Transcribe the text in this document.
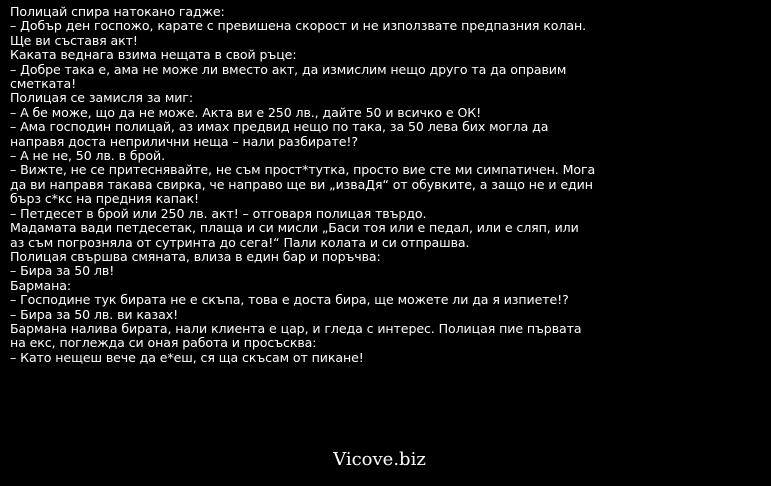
Полицай спира натокано гадже:
– Добър ден госпожо, карате с превишена скорост и не използвате предпазния колан.
Ще ви съставя акт!
Каката веднага взима нещата в свой ръце:
– Добре така е, ама не може ли вместо акт, да измислим нещо друго та да оправим
сметката!
Полицая се замисля за миг:
– А бе може, що да не може. Акта ви е 250 лв., дайте 50 и всичко е ОК!
– Ама господин полицай, аз имах предвид нещо по така, за 50 лева бих могла да
направя доста неприлични неща – нали разбирате!?
– А не не, 50 лв. в брой.
– Вижте, не се притеснявайте, не съм прост*тутка, просто вие сте ми симпатичен. Мога
да ви направя такава свирка, че направо ще ви „изваДя“ от обувките, а защо не и един
бърз с*кс на предния капак!
– Петдесет в брой или 250 лв. акт! – отговаря полицая твърдо.
Мадамата вади петдесетак, плаща и си мисли „Баси тоя или е педал, или е сляп, или
аз съм погрозняла от сутринта до сега!“ Пали колата и си отпрашва.
Полицая свършва смяната, влиза в един бар и поръчва:
– Бира за 50 лв!
Бармана:
– Господине тук бирата не е скъпа, това е доста бира, ще можете ли да я изпиете!?
– Бира за 50 лв. ви казах!
Бармана налива бирата, нали клиента е цар, и гледа с интерес. Полицая пие първата
на екс, поглежда си оная работа и просъсква:
– Като нещеш вече да е*еш, ся ща скъсам от пикане!
Vicove.biz
